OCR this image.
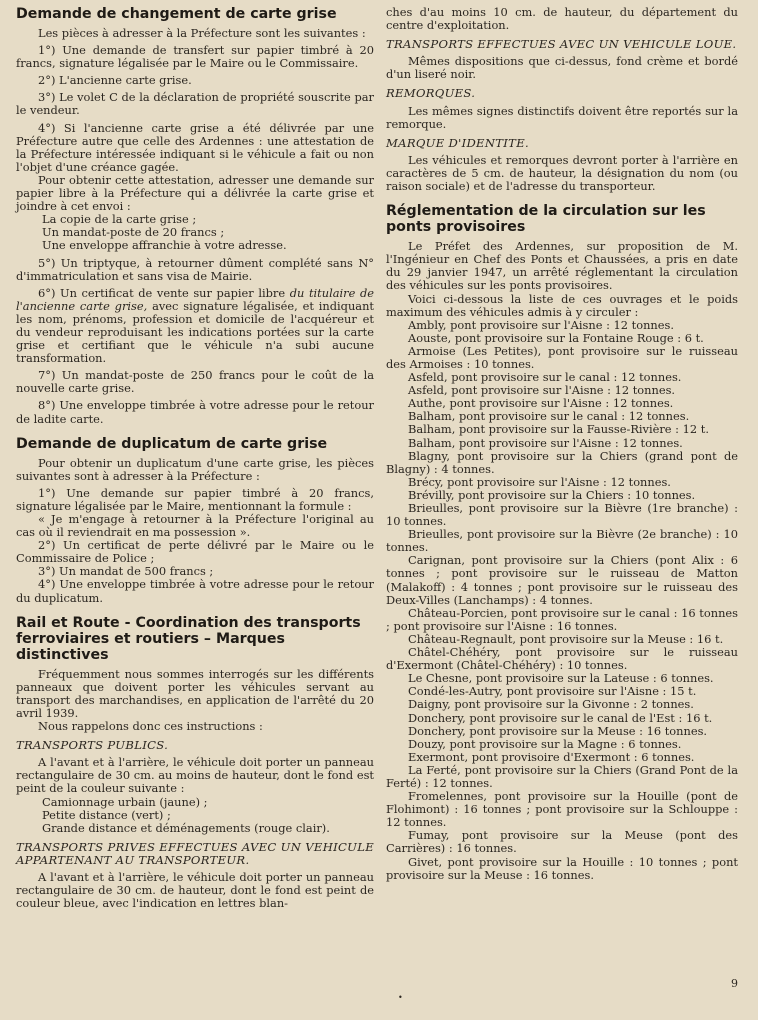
Demande de changement de carte grise

Les pièces à adresser à la Préfecture sont les suivantes :

1°) Une demande de transfert sur papier timbré à 20 francs, signature légalisée par le Maire ou le Commissaire.

2°) L'ancienne carte grise.

3°) Le volet C de la déclaration de propriété souscrite par le vendeur.

4°) Si l'ancienne carte grise a été délivrée par une Préfecture autre que celle des Ardennes : une attestation de la Préfecture intéressée indiquant si le véhicule a fait ou non l'objet d'une créance gagée.

Pour obtenir cette attestation, adresser une demande sur papier libre à la Préfecture qui a délivrée la carte grise et joindre à cet envoi :

La copie de la carte grise ;

Un mandat-poste de 20 francs ;

Une enveloppe affranchie à votre adresse.

5°) Un triptyque, à retourner dûment complété sans N° d'immatriculation et sans visa de Mairie.

6°) Un certificat de vente sur papier libre du titulaire de l'ancienne carte grise, avec signature légalisée, et indiquant les nom, prénoms, profession et domicile de l'acquéreur et du vendeur reproduisant les indications portées sur la carte grise et certifiant que le véhicule n'a subi aucune transformation.

7°) Un mandat-poste de 250 francs pour le coût de la nouvelle carte grise.

8°) Une enveloppe timbrée à votre adresse pour le retour de ladite carte.

Demande de duplicatum de carte grise

Pour obtenir un duplicatum d'une carte grise, les pièces suivantes sont à adresser à la Préfecture :

1°) Une demande sur papier timbré à 20 francs, signature légalisée par le Maire, mentionnant la formule :

« Je m'engage à retourner à la Préfecture l'original au cas où il reviendrait en ma possession ».

2°) Un certificat de perte délivré par le Maire ou le Commissaire de Police ;

3°) Un mandat de 500 francs ;

4°) Une enveloppe timbrée à votre adresse pour le retour du duplicatum.

Rail et Route - Coordination des transports ferroviaires et routiers – Marques distinctives

Fréquemment nous sommes interrogés sur les différents panneaux que doivent porter les véhicules servant au transport des marchandises, en application de l'arrêté du 20 avril 1939.

Nous rappelons donc ces instructions :

TRANSPORTS PUBLICS.

A l'avant et à l'arrière, le véhicule doit porter un panneau rectangulaire de 30 cm. au moins de hauteur, dont le fond est peint de la couleur suivante :

Camionnage urbain (jaune) ;

Petite distance (vert) ;

Grande distance et déménagements (rouge clair).

TRANSPORTS PRIVES EFFECTUES AVEC UN VEHICULE APPARTENANT AU TRANSPORTEUR.

A l'avant et à l'arrière, le véhicule doit porter un panneau rectangulaire de 30 cm. de hauteur, dont le fond est peint de couleur bleue, avec l'indication en lettres blan-

ches d'au moins 10 cm. de hauteur, du département du centre d'exploitation.

TRANSPORTS EFFECTUES AVEC UN VEHICULE LOUE.

Mêmes dispositions que ci-dessus, fond crème et bordé d'un liseré noir.

REMORQUES.

Les mêmes signes distinctifs doivent être reportés sur la remorque.

MARQUE D'IDENTITE.

Les véhicules et remorques devront porter à l'arrière en caractères de 5 cm. de hauteur, la désignation du nom (ou raison sociale) et de l'adresse du transporteur.

Réglementation de la circulation sur les ponts provisoires

Le Préfet des Ardennes, sur proposition de M. l'Ingénieur en Chef des Ponts et Chaussées, a pris en date du 29 janvier 1947, un arrêté réglementant la circulation des véhicules sur les ponts provisoires.

Voici ci-dessous la liste de ces ouvrages et le poids maximum des véhicules admis à y circuler :

Ambly, pont provisoire sur l'Aisne : 12 tonnes.

Aouste, pont provisoire sur la Fontaine Rouge : 6 t.

Armoise (Les Petites), pont provisoire sur le ruisseau des Armoises : 10 tonnes.

Asfeld, pont provisoire sur le canal : 12 tonnes.

Asfeld, pont provisoire sur l'Aisne : 12 tonnes.

Authe, pont provisoire sur l'Aisne : 12 tonnes.

Balham, pont provisoire sur le canal : 12 tonnes.

Balham, pont provisoire sur la Fausse-Rivière : 12 t.

Balham, pont provisoire sur l'Aisne : 12 tonnes.

Blagny, pont provisoire sur la Chiers (grand pont de Blagny) : 4 tonnes.

Brécy, pont provisoire sur l'Aisne : 12 tonnes.

Brévilly, pont provisoire sur la Chiers : 10 tonnes.

Brieulles, pont provisoire sur la Bièvre (1re branche) : 10 tonnes.

Brieulles, pont provisoire sur la Bièvre (2e branche) : 10 tonnes.

Carignan, pont provisoire sur la Chiers (pont Alix : 6 tonnes ; pont provisoire sur le ruisseau de Matton (Malakoff) : 4 tonnes ; pont provisoire sur le ruisseau des Deux-Villes (Lanchamps) : 4 tonnes.

Château-Porcien, pont provisoire sur le canal : 16 tonnes ; pont provisoire sur l'Aisne : 16 tonnes.

Château-Regnault, pont provisoire sur la Meuse : 16 t.

Châtel-Chéhéry, pont provisoire sur le ruisseau d'Exermont (Châtel-Chéhéry) : 10 tonnes.

Le Chesne, pont provisoire sur la Lateuse : 6 tonnes.

Condé-les-Autry, pont provisoire sur l'Aisne : 15 t.

Daigny, pont provisoire sur la Givonne : 2 tonnes.

Donchery, pont provisoire sur le canal de l'Est : 16 t.

Donchery, pont provisoire sur la Meuse : 16 tonnes.

Douzy, pont provisoire sur la Magne : 6 tonnes.

Exermont, pont provisoire d'Exermont : 6 tonnes.

La Ferté, pont provisoire sur la Chiers (Grand Pont de la Ferté) : 12 tonnes.

Fromelennes, pont provisoire sur la Houille (pont de Flohimont) : 16 tonnes ; pont provisoire sur la Schlouppe : 12 tonnes.

Fumay, pont provisoire sur la Meuse (pont des Carrières) : 16 tonnes.

Givet, pont provisoire sur la Houille : 10 tonnes ; pont provisoire sur la Meuse : 16 tonnes.

9
•
